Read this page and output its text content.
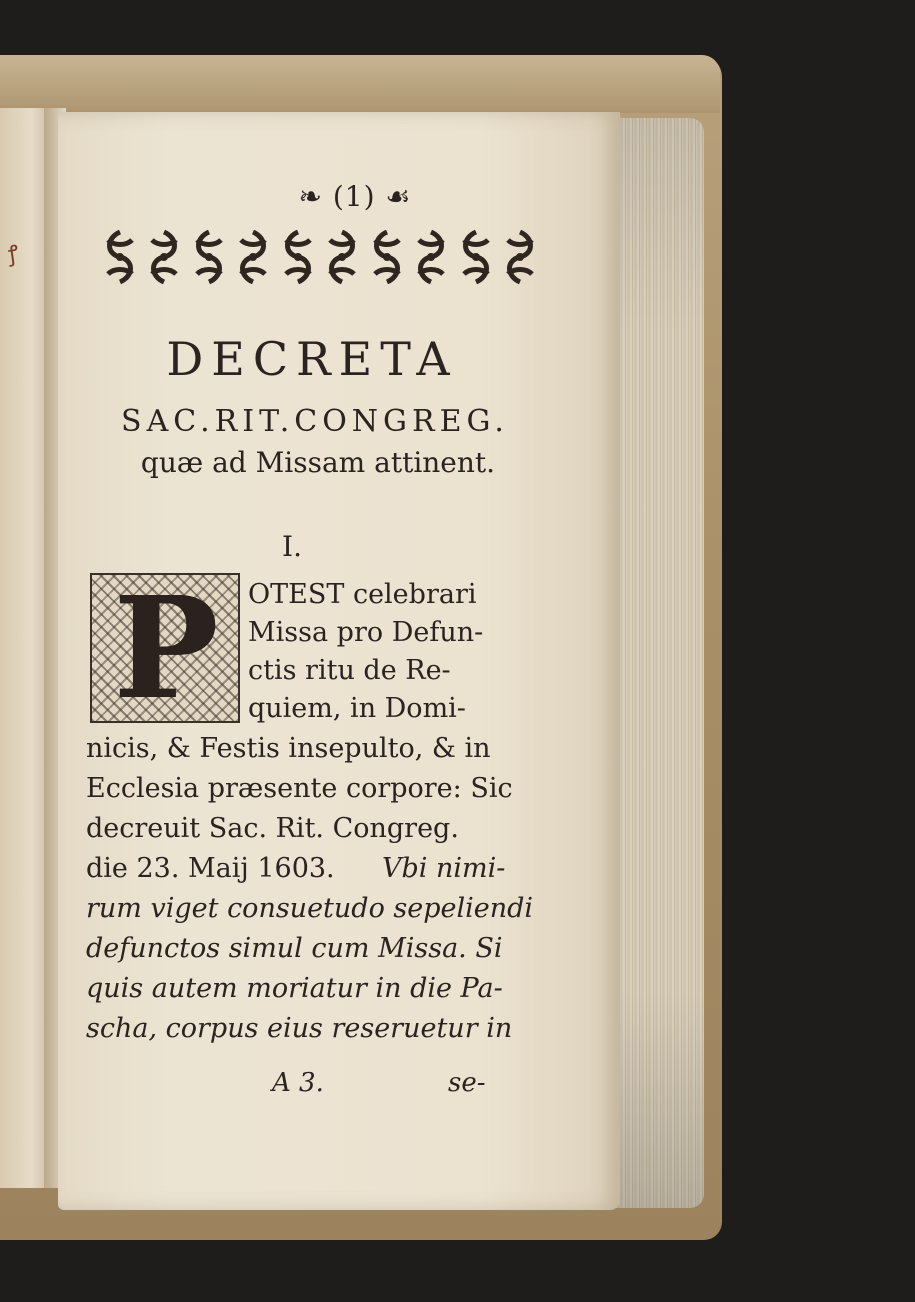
ꝭ
❧ (1) ☙
DECRETA
SAC.RIT.CONGREG.
quæ ad Missam attinent.
I.
P	OTEST celebrari
Missa pro Defun-
ctis ritu de Re-
quiem, in Domi-
nicis, & Festis insepulto, & in
Ecclesia præsente corpore: Sic
decreuit Sac. Rit. Congreg.
die 23. Maij 1603. Vbi nimi-
rum viget consuetudo sepeliendi
defunctos simul cum Missa. Si
quis autem moriatur in die Pa-
scha, corpus eius reseruetur in
A 3.	se-
